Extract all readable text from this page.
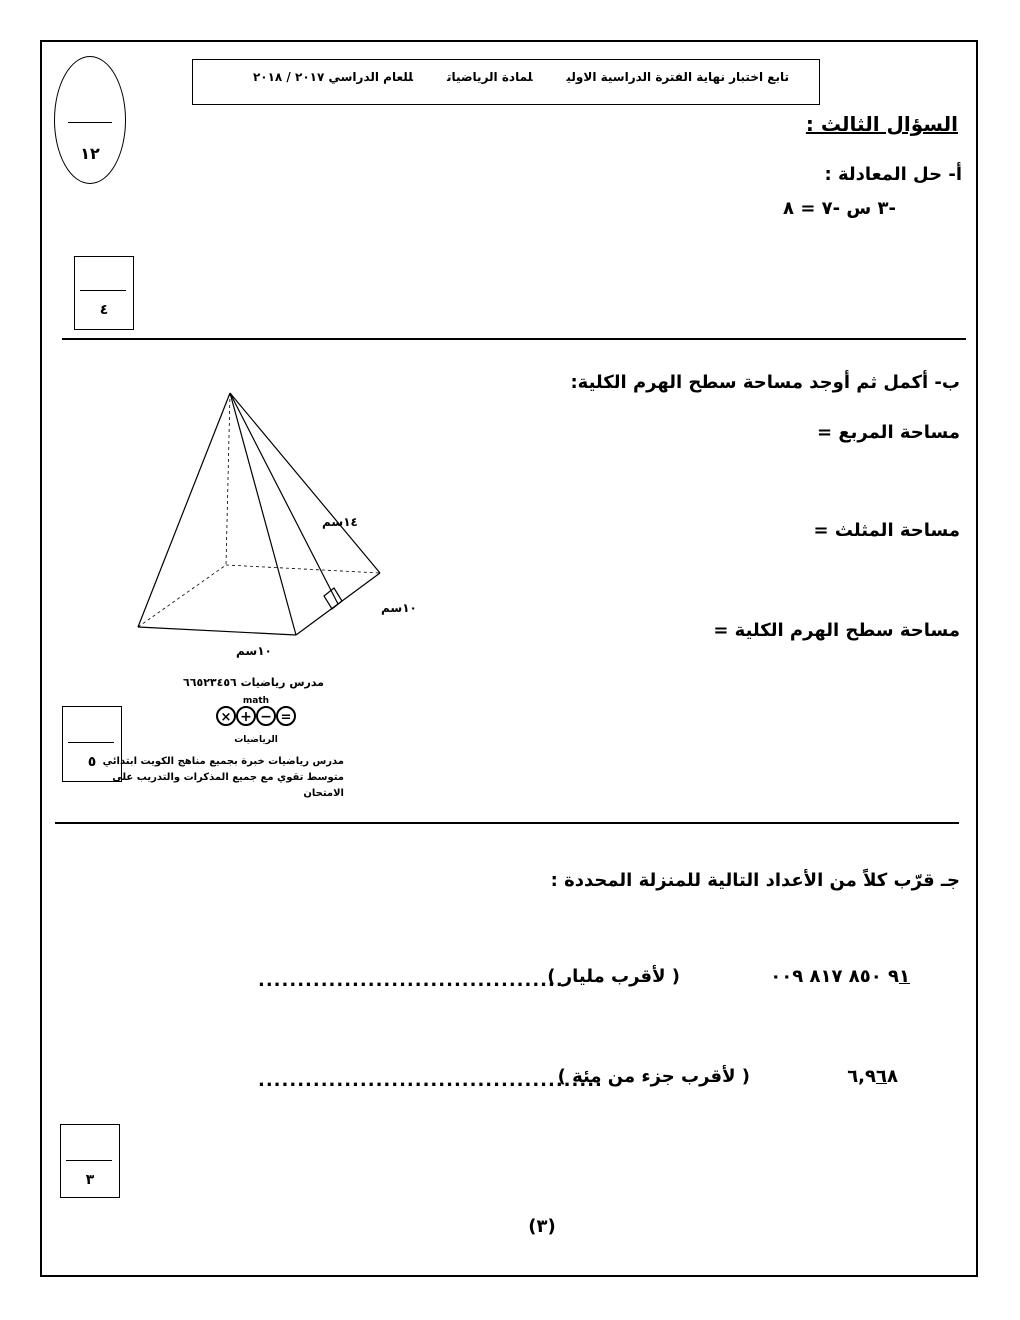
تابع اختبار نهاية الفترة الدراسية الاوليلمادة الرياضياتللعام الدراسي ٢٠١٧ / ٢٠١٨
١٢
السؤال الثالث :
أ- حل المعادلة :
-٣ س -٧ = ٨
٤
ب- أكمل ثم أوجد مساحة سطح الهرم الكلية:
مساحة المربع =
مساحة المثلث =
مساحة سطح الهرم الكلية =
١٤سم
١٠سم
١٠سم
مدرس رياضيات ٦٦٥٢٣٤٥٦
math
× + − =
الرياضيات
مدرس رياضيات خبرة بجميع مناهج الكويت ابتدائي
متوسط تقوي مع جميع المذكرات والتدريب على
الامتحان
٥
جـ قرّب كلاً من الأعداد التالية للمنزلة المحددة :
٩١ ٨٥٠ ٨١٧ ٠٠٩
( لأقرب مليار )
.......................................
٦,٩٦٨
( لأقرب جزء من مئة )
............................................
٣
(٣)
